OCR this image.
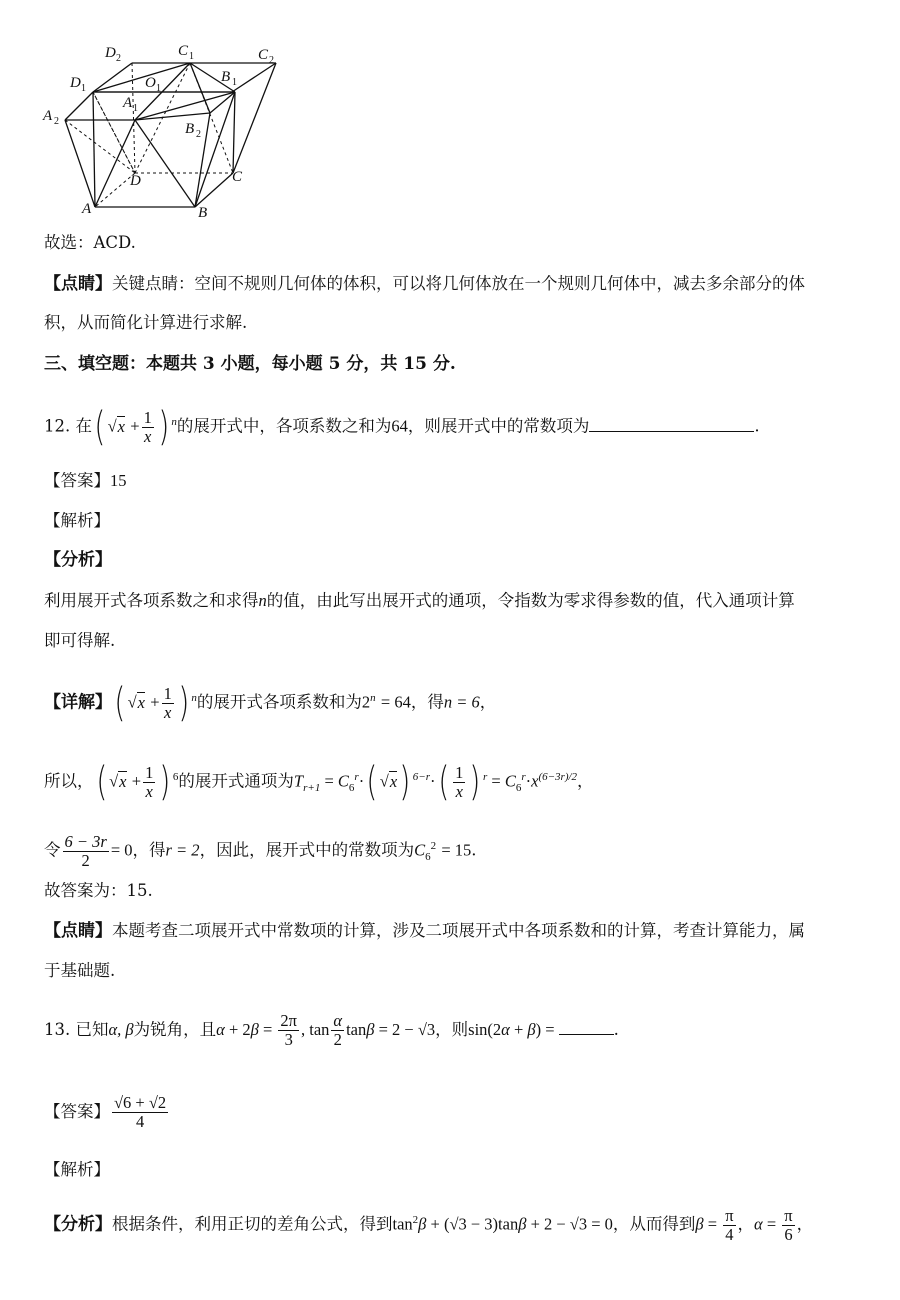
D 2	C 1	C 2
D 1	O 1
B 1
A 1
A 2	B 2
D	C
A	B
故选：ACD.
【点睛】关键点睛：空间不规则几何体的体积，可以将几何体放在一个规则几何体中，减去多余部分的体
积，从而简化计算进行求解.
三、填空题：本题共 3 小题，每小题 5 分，共 15 分.
12. 在( $√x + \frac{1}{x}$ ) $^n$的展开式中，各项系数之和为64，则展开式中的常数项为	.
【答案】15
【解析】
【分析】
利用展开式各项系数之和求得n的值，由此写出展开式的通项，令指数为零求得参数的值，代入通项计算
即可得解.
【详解】( $√x + \frac{1}{x}$ ) $^n$的展开式各项系数和为$2^n = 64$，得n = 6，
所以，( $√x + \frac{1}{x}$ ) $^6$的展开式通项为$T_{r+1} = C_6^r\cdot$( √x) $^{6-r}\cdot( \frac{1}{x}$ ) $^r = C_6^r\cdot x^{(6-3r)/2}$，
令 $\frac{6 - 3r}{2} = 0$，得r = 2，因此，展开式中的常数项为$C_6^2 = 15$.
故答案为：15.
【点睛】本题考查二项展开式中常数项的计算，涉及二项展开式中各项系数和的计算，考查计算能力，属
于基础题.
13. 已知α, β为锐角，且$\alpha + 2\beta = \frac{2\pi}{3}$ , $\tan \frac{\alpha}{2}$ tanβ = 2 − √3，则sin(2α + β) =	.
【答案】 $\frac{√6 + √2}{4}$
【解析】
【分析】根据条件，利用正切的差角公式，得到$\tan^2\beta + (√3 - 3)\tan\beta + 2 - √3 = 0$，从而得到$\beta = \frac{\pi}{4}$ ，$\alpha = \frac{\pi}{6}$ ，
